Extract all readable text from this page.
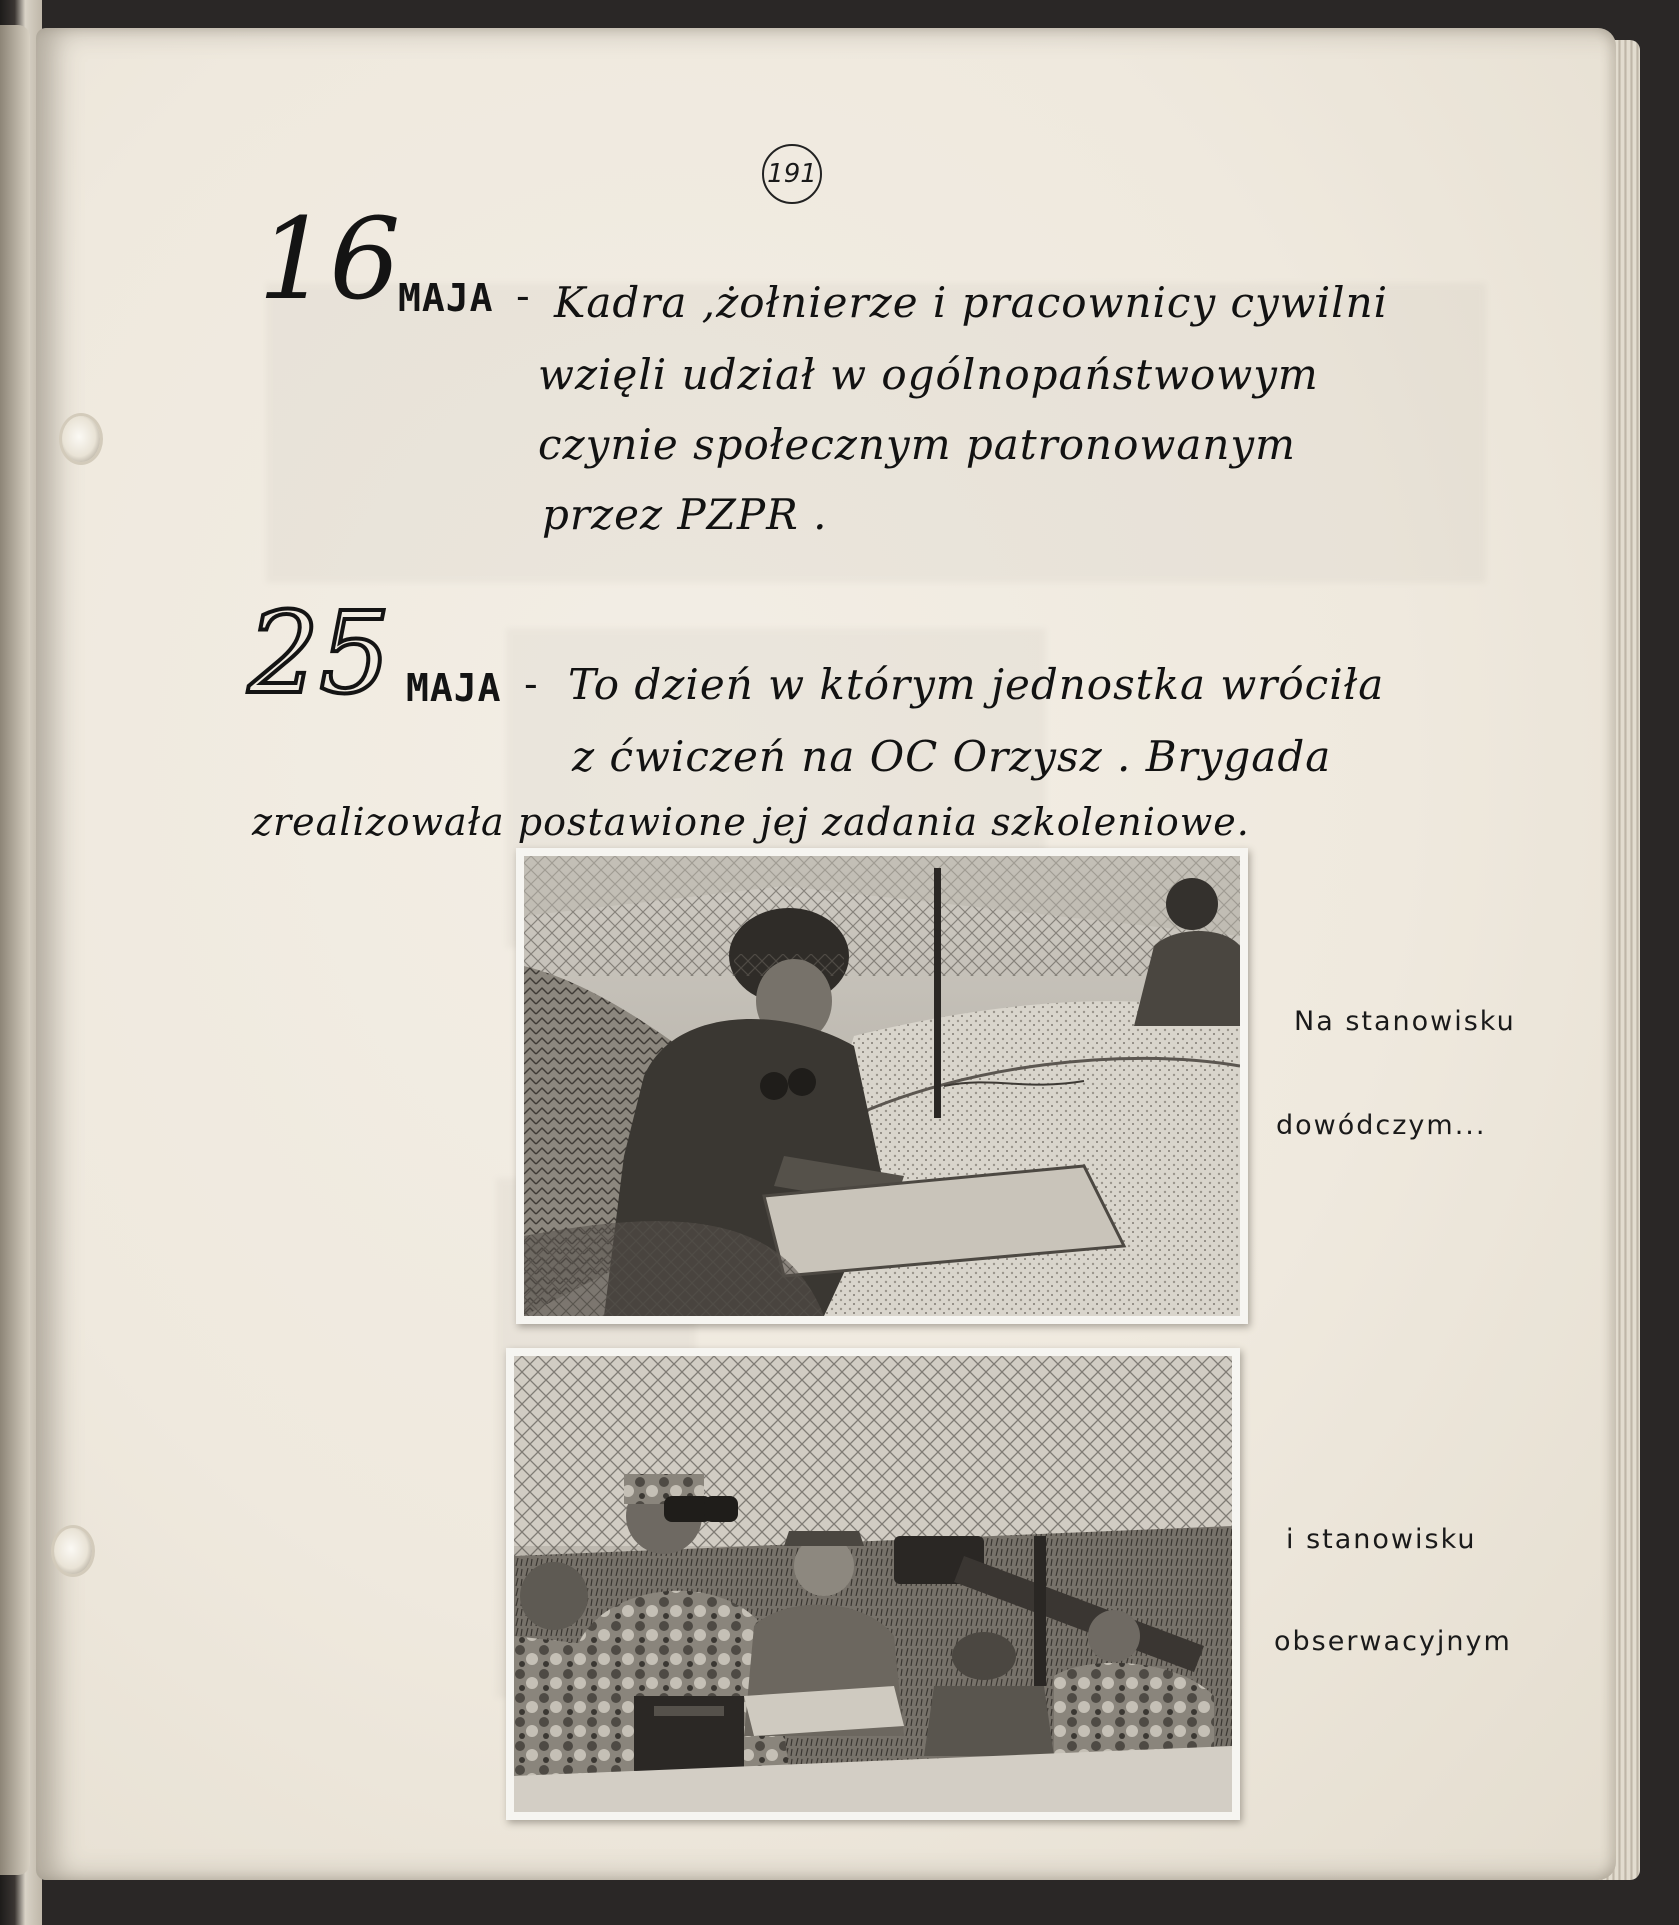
191
16
MAJA - Kadra ,żołnierze i pracownicy cywilni
wzięli udział w ogólnopaństwowym
czynie społecznym patronowanym
przez PZPR .
25 MAJA - To dzień w którym jednostka wróciła
z ćwiczeń na OC Orzysz . Brygada
zrealizowała postawione jej zadania szkoleniowe.
Na stanowisku
dowódczym...
i stanowisku
obserwacyjnym
